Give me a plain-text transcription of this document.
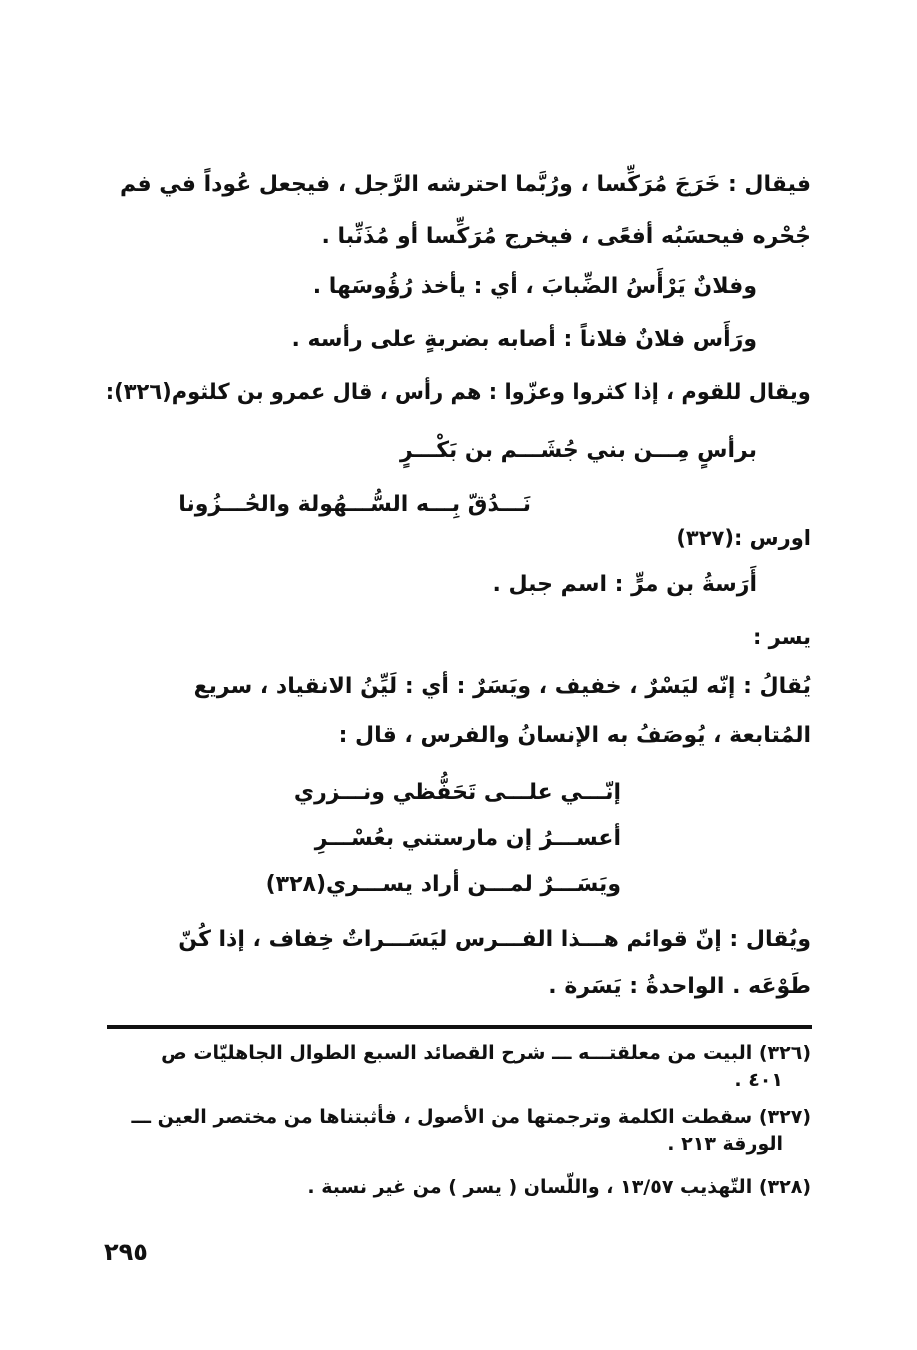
فيقال : خَرَجَ مُرَكِّسا ، ورُبَّما احترشه الرَّجل ، فيجعل عُوداً في فم
جُحْره فيحسَبُه أفعًى ، فيخرج مُرَكِّسا أو مُذَنِّبا .
وفلانٌ يَرْأَسُ الضِّبابَ ، أي : يأخذ رُؤُوسَها .
ورَأَس فلانٌ فلاناً : أصابه بضربةٍ على رأسه .
ويقال للقوم ، إذا كثروا وعزّوا : هم رأس ، قال عمرو بن كلثوم(٣٢٦):
برأسٍ مِـــن بني جُشَـــم بن بَكْـــرٍ
نَـــدُقّ بِـــه السُّـــهُولة والحُـــزُونا
اورس :(٣٢٧)
أَرَسةُ بن مرٍّ : اسم جبل .
يسر :
يُقالُ : إنّه ليَسْرٌ ، خفيف ، ويَسَرٌ : أي : لَيِّنُ الانقياد ، سريع
المُتابعة ، يُوصَفُ به الإنسانُ والفرس ، قال :
إنّـــي علـــى تَحَفُّظي ونـــزري
أعســـرُ إن مارستني بعُسْـــرِ
ويَسَـــرٌ لمـــن أراد يســـري(٣٢٨)
ويُقال : إنّ قوائم هـــذا الفـــرس ليَسَـــراتٌ خِفاف ، إذا كُنّ
طَوْعَه . الواحدةُ : يَسَرة .
(٣٢٦) البيت من معلقتـــه ـــ شرح القصائد السبع الطوال الجاهليّات ص
٤٠١ .
(٣٢٧) سقطت الكلمة وترجمتها من الأصول ، فأثبتناها من مختصر العين ـــ
الورقة ٢١٣ .
(٣٢٨) التّهذيب ١٣/٥٧ ، واللّسان ( يسر ) من غير نسبة .
٢٩٥
